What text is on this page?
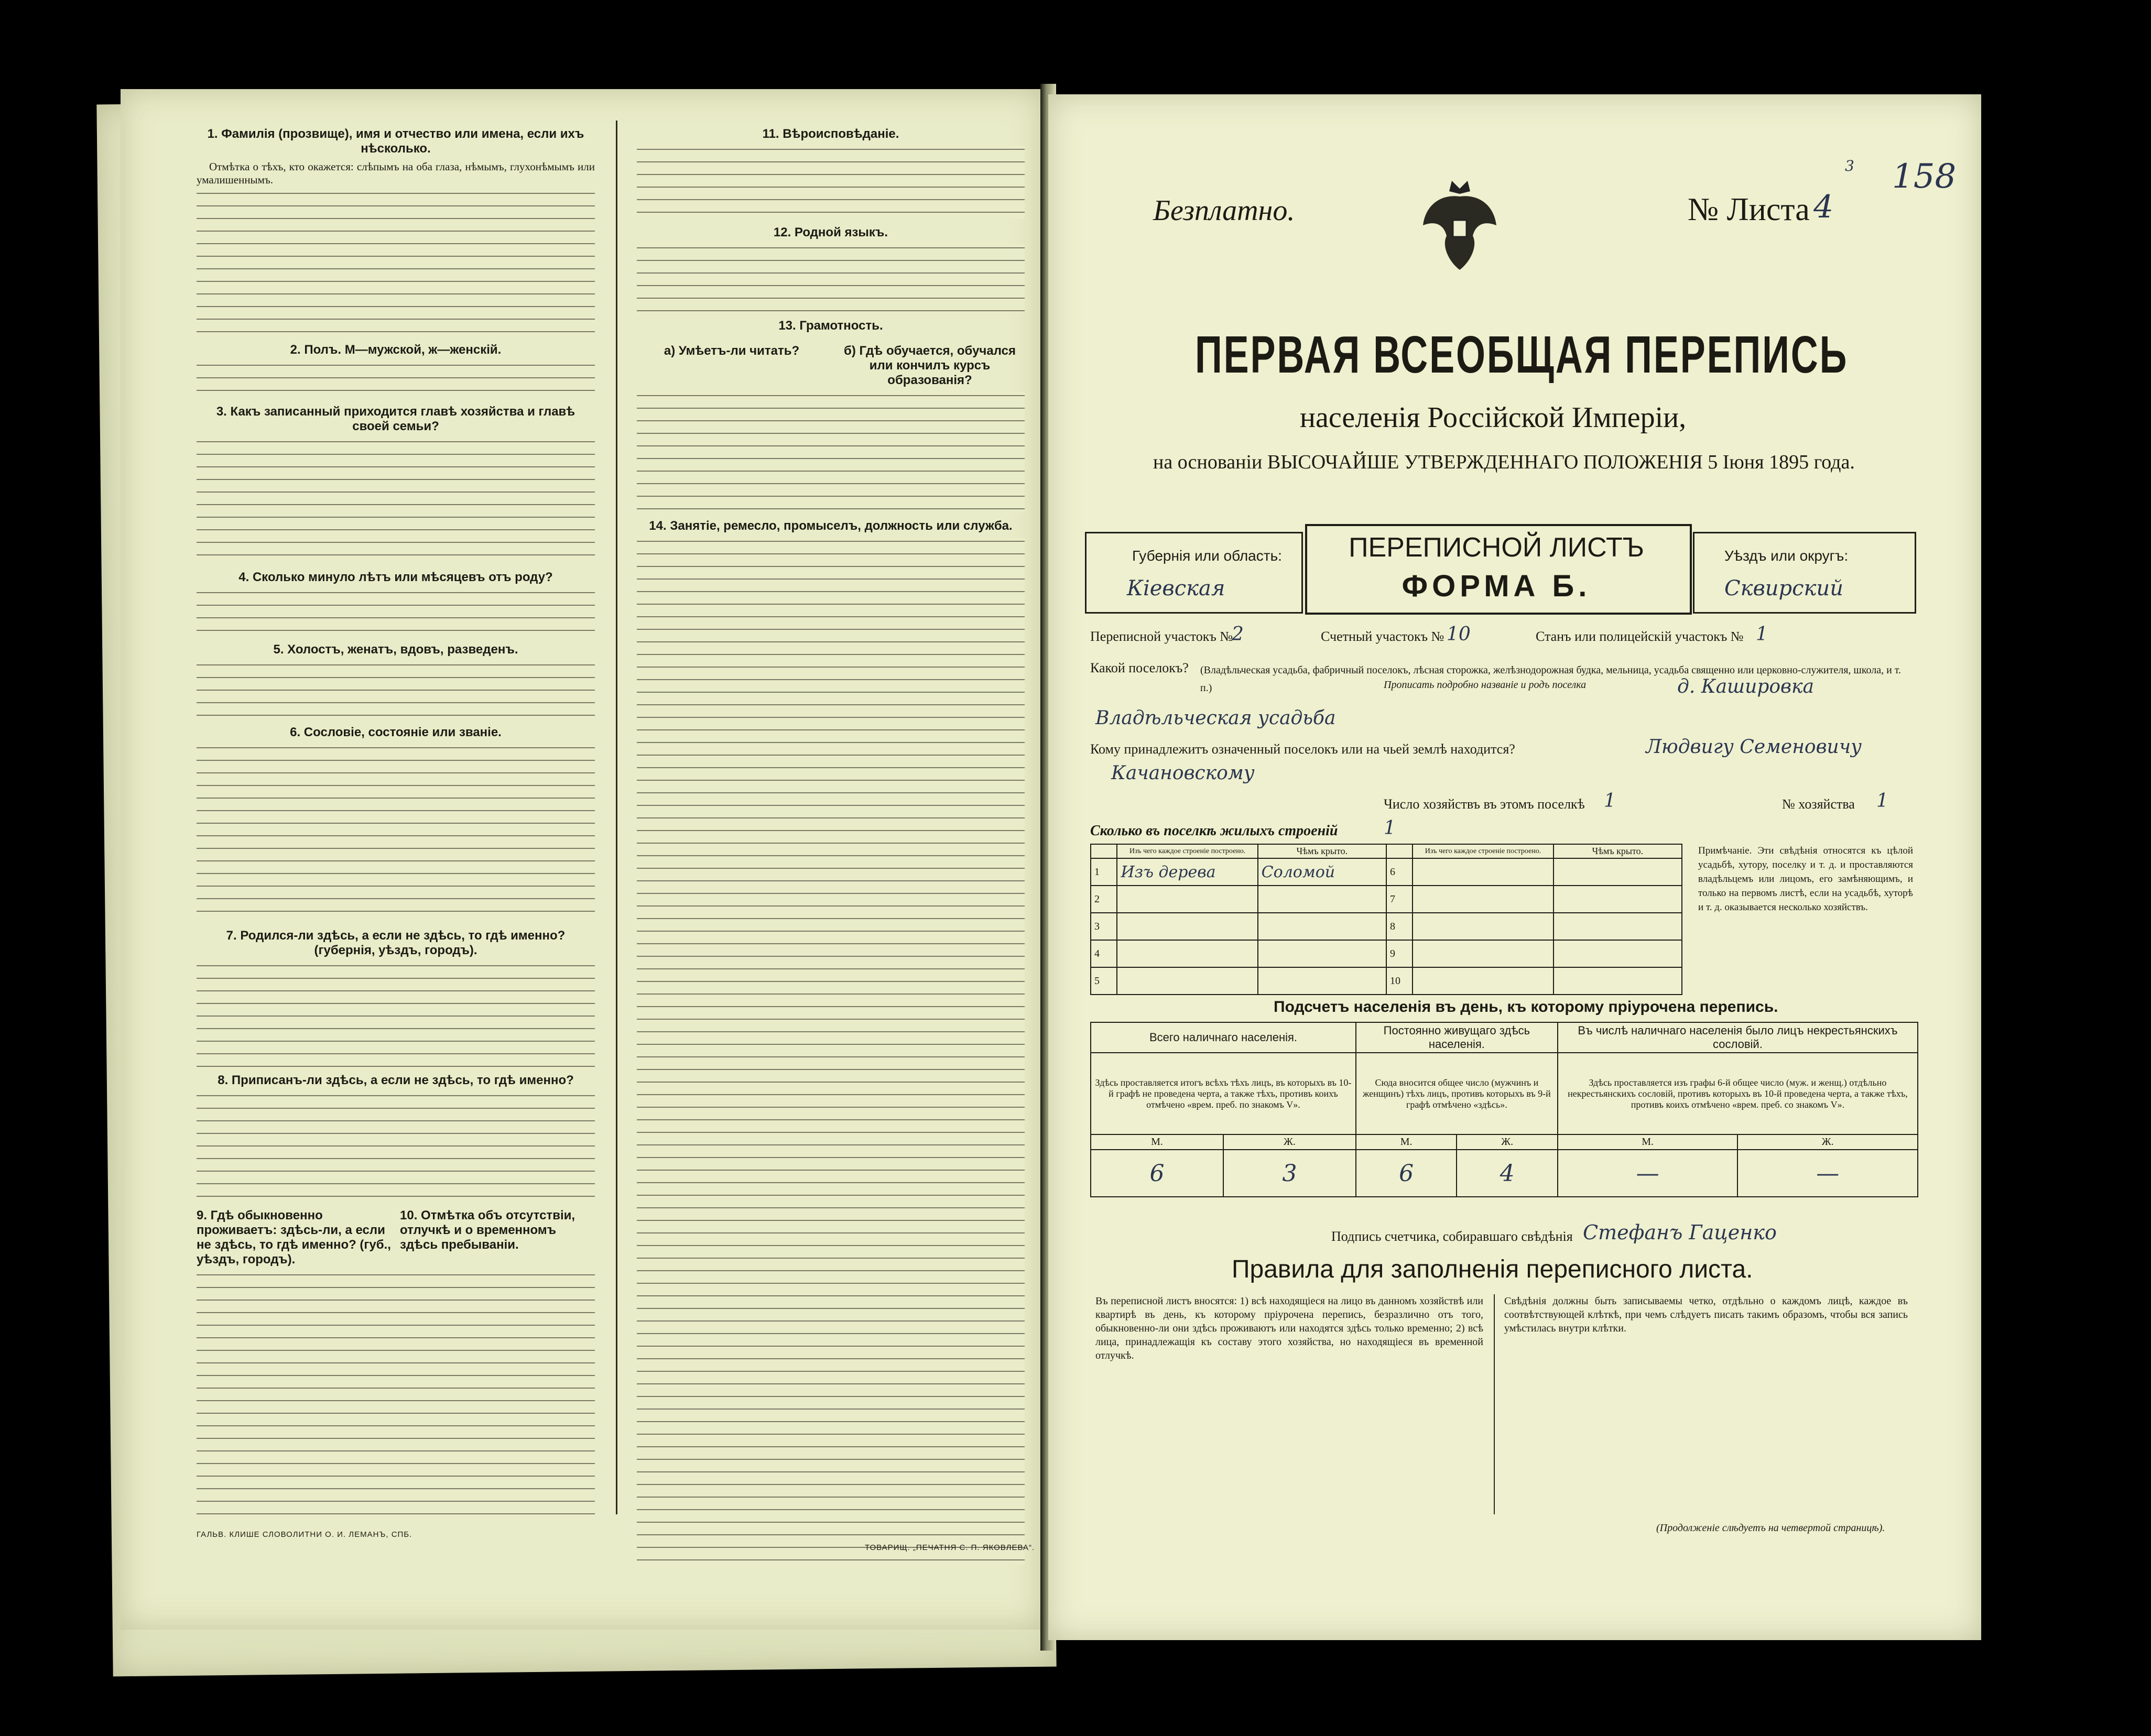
1. Фамилія (прозвище), имя и отчество или имена, если ихъ нѣсколько.

Отмѣтка о тѣхъ, кто окажется: слѣпымъ на оба глаза, нѣмымъ, глухонѣмымъ или умалишеннымъ.

2. Полъ. М—мужской, ж—женскій.
3. Какъ записанный приходится главѣ хозяйства и главѣ своей семьи?
4. Сколько минуло лѣтъ или мѣсяцевъ отъ роду?
5. Холостъ, женатъ, вдовъ, разведенъ.
6. Сословіе, состояніе или званіе.
7. Родился-ли здѣсь, а если не здѣсь, то гдѣ именно? (губернія, уѣздъ, городъ).
8. Приписанъ-ли здѣсь, а если не здѣсь, то гдѣ именно?
9. Гдѣ обыкновенно проживаетъ: здѣсь-ли, а если не здѣсь, то гдѣ именно? (губ., уѣздъ, городъ).
10. Отмѣтка объ отсутствіи, отлучкѣ и о временномъ здѣсь пребываніи.
11. Вѣроисповѣданіе.
12. Родной языкъ.
13. Грамотность.
а) Умѣетъ-ли читать?	б) Гдѣ обучается, обучался или кончилъ курсъ образованія?
14. Занятіе, ремесло, промыселъ, должность или служба.
ГАЛЬВ. КЛИШЕ СЛОВОЛИТНИ О. И. ЛЕМАНЪ, СПБ.
ТОВАРИЩ. „ПЕЧАТНЯ С. П. ЯКОВЛЕВА“.
Безплатно.	№ Листа 4
3 158
ПЕРВАЯ ВСЕОБЩАЯ ПЕРЕПИСЬ
населенія Россійской Имперіи,
на основаніи ВЫСОЧАЙШЕ УТВЕРЖДЕННАГО ПОЛОЖЕНІЯ 5 Іюня 1895 года.
Губернія или область:
Кіевская
ПЕРЕПИСНОЙ ЛИСТЪ
ФОРМА Б.
Уѣздъ или округъ:
Сквирский
Переписной участокъ №
2	Счетный участокъ № 10	Станъ или полицейскій участокъ № 1
Какой поселокъ? (Владѣльческая усадьба, фабричный поселокъ, лѣсная сторожка, желѣзнодорожная будка, мельница, усадьба священно или церковно-служителя, школа, и т. п.)	Прописать подробно названіе и родъ поселка	д. Кашировка
Владѣльческая усадьба
Кому принадлежитъ означенный поселокъ или на чьей землѣ находится?	Людвигу Семеновичу
Качановскому
Число хозяйствъ въ этомъ поселкѣ 1	№ хозяйства 1
Сколько въ поселкѣ жилыхъ строеній 1
	Изъ чего каждое строеніе построено.	Чѣмъ крыто.		Изъ чего каждое строеніе построено.	Чѣмъ крыто.
1	Изъ дерева	Соломой	6		
2			7		
3			8		
4			9		
5			10		
Примѣчаніе. Эти свѣдѣнія относятся къ цѣлой усадьбѣ, хутору, поселку и т. д. и проставляются владѣльцемъ или лицомъ, его замѣняющимъ, и только на первомъ листѣ, если на усадьбѣ, хуторѣ и т. д. оказывается несколько хозяйствъ.
Подсчетъ населенія въ день, къ которому пріурочена перепись.
Всего наличнаго населенія.		Постоянно живущаго здѣсь населенія.		Въ числѣ наличнаго населенія было лицъ некрестьянскихъ сословій.	
Здѣсь проставляется итогъ всѣхъ тѣхъ лицъ, въ которыхъ въ 10-й графѣ не проведена черта, а также тѣхъ, противъ коихъ отмѣчено «врем. преб. по знакомъ V».		Сюда вносится общее число (мужчинъ и женщинъ) тѣхъ лицъ, противъ которыхъ въ 9-й графѣ отмѣчено «здѣсь».		Здѣсь проставляется изъ графы 6-й общее число (муж. и женщ.) отдѣльно некрестьянскихъ сословій, противъ которыхъ въ 10-й проведена черта, а также тѣхъ, противъ коихъ отмѣчено «врем. преб. со знакомъ V».	
М.	Ж.	М.	Ж.	М.	Ж.
6	3	6	4	—	—
Подпись счетчика, собиравшаго свѣдѣнія Стефанъ Гаценко
Правила для заполненія переписного листа.
Въ переписной листъ вносятся: 1) всѣ находящіеся на лицо въ данномъ хозяйствѣ или квартирѣ въ день, къ которому пріурочена перепись, безразлично отъ того, обыкновенно-ли они здѣсь проживаютъ или находятся здѣсь только временно; 2) всѣ лица, принадлежащія къ составу этого хозяйства, но находящіеся въ временной отлучкѣ.
Свѣдѣнія должны быть записываемы четко, отдѣльно о каждомъ лицѣ, каждое въ соотвѣтствующей клѣткѣ, при чемъ слѣдуетъ писать такимъ образомъ, чтобы вся запись умѣстилась внутри клѣтки.
(Продолженіе слѣдуетъ на четвертой страницѣ).
